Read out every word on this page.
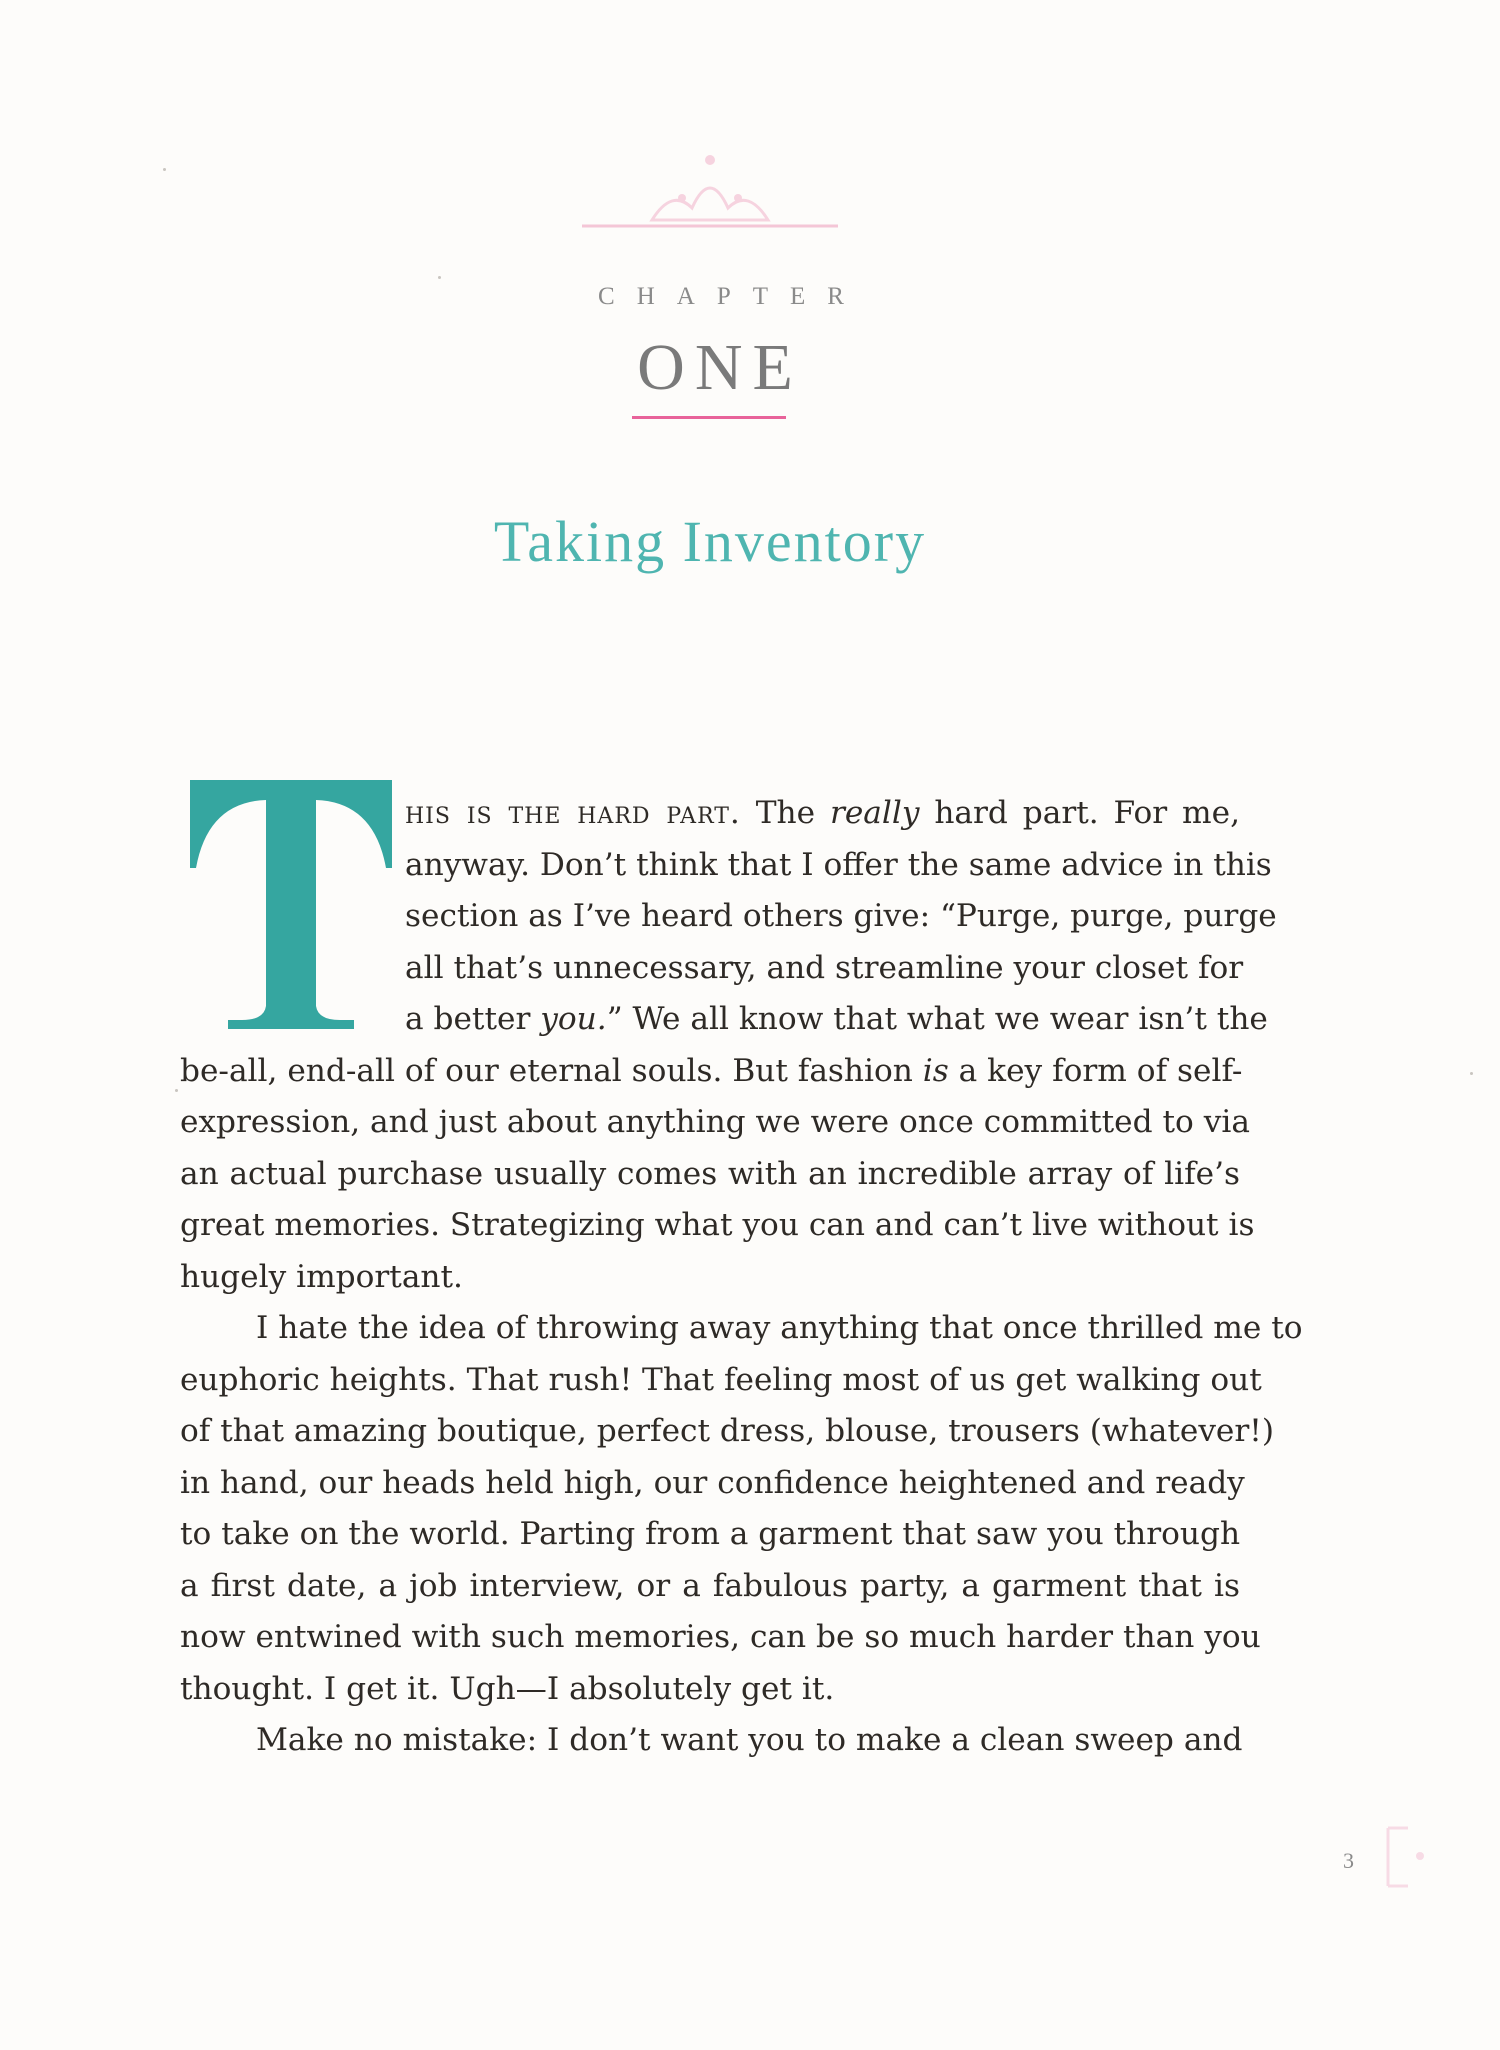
CHAPTER
ONE
Taking Inventory
his is the hard part. The really hard part. For me,
anyway. Don’t think that I offer the same advice in this
section as I’ve heard others give: “Purge, purge, purge
all that’s unnecessary, and streamline your closet for
a better you.” We all know that what we wear isn’t the
be-all, end-all of our eternal souls. But fashion is a key form of self-
expression, and just about anything we were once committed to via
an actual purchase usually comes with an incredible array of life’s
great memories. Strategizing what you can and can’t live without is
hugely important.
I hate the idea of throwing away anything that once thrilled me to
euphoric heights. That rush! That feeling most of us get walking out
of that amazing boutique, perfect dress, blouse, trousers (whatever!)
in hand, our heads held high, our confidence heightened and ready
to take on the world. Parting from a garment that saw you through
a first date, a job interview, or a fabulous party, a garment that is
now entwined with such memories, can be so much harder than you
thought. I get it. Ugh—I absolutely get it.
Make no mistake: I don’t want you to make a clean sweep and
3
